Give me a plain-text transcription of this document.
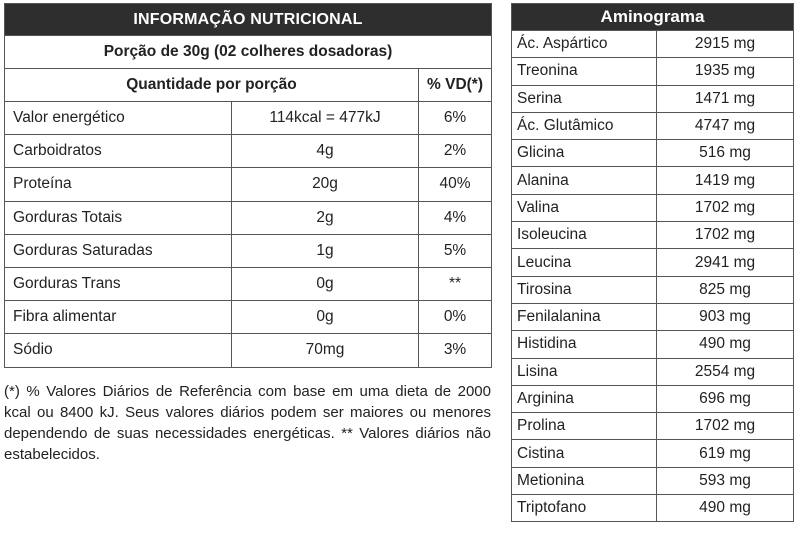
INFORMAÇÃO NUTRICIONAL		
Porção de 30g (02 colheres dosadoras)		
Quantidade por porção		% VD(*)
Valor energético	114kcal = 477kJ	6%
Carboidratos	4g	2%
Proteína	20g	40%
Gorduras Totais	2g	4%
Gorduras Saturadas	1g	5%
Gorduras Trans	0g	**
Fibra alimentar	0g	0%
Sódio	70mg	3%
(*) % Valores Diários de Referência com base em uma dieta de 2000 kcal ou 8400 kJ. Seus valores diários podem ser maiores ou menores dependendo de suas necessidades energéticas. ** Valores diários não estabelecidos.
Aminograma	
Ác. Aspártico	2915 mg
Treonina	1935 mg
Serina	1471 mg
Ác. Glutâmico	4747 mg
Glicina	516 mg
Alanina	1419 mg
Valina	1702 mg
Isoleucina	1702 mg
Leucina	2941 mg
Tirosina	825 mg
Fenilalanina	903 mg
Histidina	490 mg
Lisina	2554 mg
Arginina	696 mg
Prolina	1702 mg
Cistina	619 mg
Metionina	593 mg
Triptofano	490 mg
